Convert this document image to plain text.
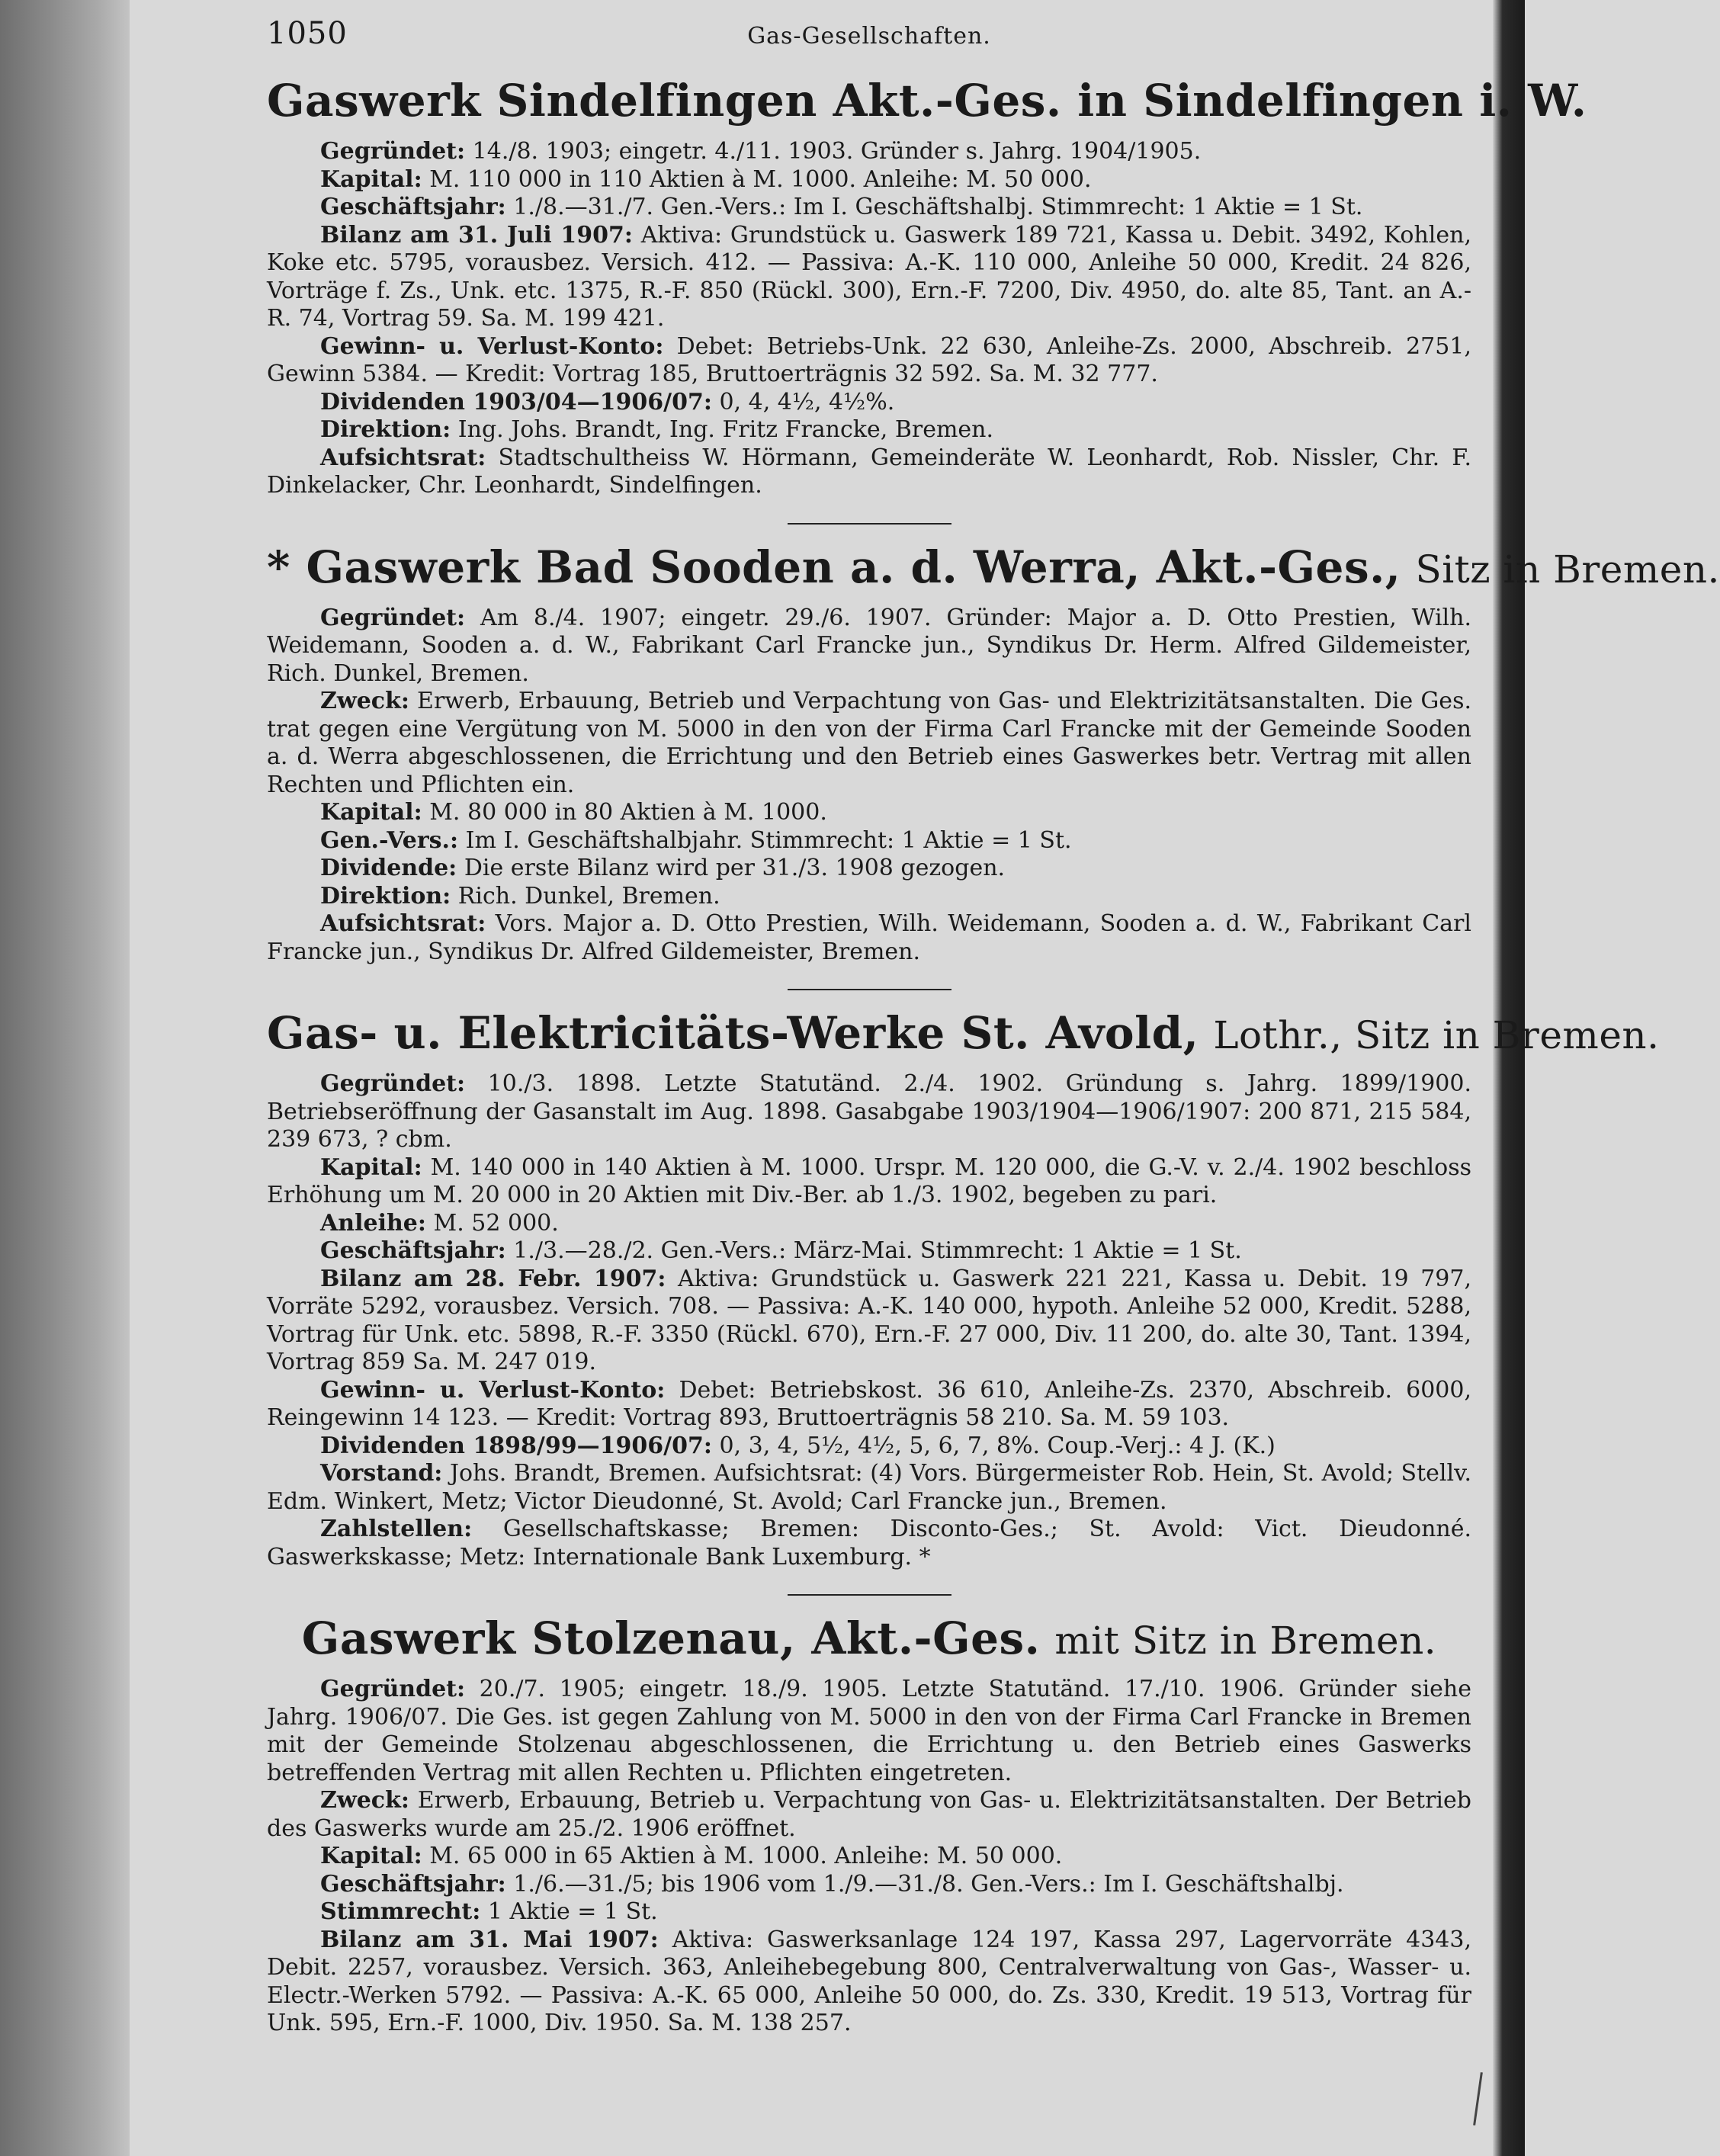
1050	Gas-Gesellschaften.
Gaswerk Sindelfingen Akt.-Ges. in Sindelfingen i. W.

Gegründet: 14./8. 1903; eingetr. 4./11. 1903. Gründer s. Jahrg. 1904/1905.

Kapital: M. 110 000 in 110 Aktien à M. 1000. Anleihe: M. 50 000.

Geschäftsjahr: 1./8.—31./7. Gen.-Vers.: Im I. Geschäftshalbj. Stimmrecht: 1 Aktie = 1 St.

Bilanz am 31. Juli 1907: Aktiva: Grundstück u. Gaswerk 189 721, Kassa u. Debit. 3492, Kohlen, Koke etc. 5795, vorausbez. Versich. 412. — Passiva: A.-K. 110 000, Anleihe 50 000, Kredit. 24 826, Vorträge f. Zs., Unk. etc. 1375, R.-F. 850 (Rückl. 300), Ern.-F. 7200, Div. 4950, do. alte 85, Tant. an A.-R. 74, Vortrag 59. Sa. M. 199 421.

Gewinn- u. Verlust-Konto: Debet: Betriebs-Unk. 22 630, Anleihe-Zs. 2000, Abschreib. 2751, Gewinn 5384. — Kredit: Vortrag 185, Bruttoerträgnis 32 592. Sa. M. 32 777.

Dividenden 1903/04—1906/07: 0, 4, 4½, 4½%.

Direktion: Ing. Johs. Brandt, Ing. Fritz Francke, Bremen.

Aufsichtsrat: Stadtschultheiss W. Hörmann, Gemeinderäte W. Leonhardt, Rob. Nissler, Chr. F. Dinkelacker, Chr. Leonhardt, Sindelfingen.

* Gaswerk Bad Sooden a. d. Werra, Akt.-Ges., Sitz in Bremen.

Gegründet: Am 8./4. 1907; eingetr. 29./6. 1907. Gründer: Major a. D. Otto Prestien, Wilh. Weidemann, Sooden a. d. W., Fabrikant Carl Francke jun., Syndikus Dr. Herm. Alfred Gildemeister, Rich. Dunkel, Bremen.

Zweck: Erwerb, Erbauung, Betrieb und Verpachtung von Gas- und Elektrizitätsanstalten. Die Ges. trat gegen eine Vergütung von M. 5000 in den von der Firma Carl Francke mit der Gemeinde Sooden a. d. Werra abgeschlossenen, die Errichtung und den Betrieb eines Gaswerkes betr. Vertrag mit allen Rechten und Pflichten ein.

Kapital: M. 80 000 in 80 Aktien à M. 1000.

Gen.-Vers.: Im I. Geschäftshalbjahr. Stimmrecht: 1 Aktie = 1 St.

Dividende: Die erste Bilanz wird per 31./3. 1908 gezogen.

Direktion: Rich. Dunkel, Bremen.

Aufsichtsrat: Vors. Major a. D. Otto Prestien, Wilh. Weidemann, Sooden a. d. W., Fabrikant Carl Francke jun., Syndikus Dr. Alfred Gildemeister, Bremen.

Gas- u. Elektricitäts-Werke St. Avold, Lothr., Sitz in Bremen.

Gegründet: 10./3. 1898. Letzte Statutänd. 2./4. 1902. Gründung s. Jahrg. 1899/1900. Betriebseröffnung der Gasanstalt im Aug. 1898. Gasabgabe 1903/1904—1906/1907: 200 871, 215 584, 239 673, ? cbm.

Kapital: M. 140 000 in 140 Aktien à M. 1000. Urspr. M. 120 000, die G.-V. v. 2./4. 1902 beschloss Erhöhung um M. 20 000 in 20 Aktien mit Div.-Ber. ab 1./3. 1902, begeben zu pari.

Anleihe: M. 52 000.

Geschäftsjahr: 1./3.—28./2. Gen.-Vers.: März-Mai. Stimmrecht: 1 Aktie = 1 St.

Bilanz am 28. Febr. 1907: Aktiva: Grundstück u. Gaswerk 221 221, Kassa u. Debit. 19 797, Vorräte 5292, vorausbez. Versich. 708. — Passiva: A.-K. 140 000, hypoth. Anleihe 52 000, Kredit. 5288, Vortrag für Unk. etc. 5898, R.-F. 3350 (Rückl. 670), Ern.-F. 27 000, Div. 11 200, do. alte 30, Tant. 1394, Vortrag 859 Sa. M. 247 019.

Gewinn- u. Verlust-Konto: Debet: Betriebskost. 36 610, Anleihe-Zs. 2370, Abschreib. 6000, Reingewinn 14 123. — Kredit: Vortrag 893, Bruttoerträgnis 58 210. Sa. M. 59 103.

Dividenden 1898/99—1906/07: 0, 3, 4, 5½, 4½, 5, 6, 7, 8%. Coup.-Verj.: 4 J. (K.)

Vorstand: Johs. Brandt, Bremen. Aufsichtsrat: (4) Vors. Bürgermeister Rob. Hein, St. Avold; Stellv. Edm. Winkert, Metz; Victor Dieudonné, St. Avold; Carl Francke jun., Bremen.

Zahlstellen: Gesellschaftskasse; Bremen: Disconto-Ges.; St. Avold: Vict. Dieudonné. Gaswerkskasse; Metz: Internationale Bank Luxemburg. *

Gaswerk Stolzenau, Akt.-Ges. mit Sitz in Bremen.

Gegründet: 20./7. 1905; eingetr. 18./9. 1905. Letzte Statutänd. 17./10. 1906. Gründer siehe Jahrg. 1906/07. Die Ges. ist gegen Zahlung von M. 5000 in den von der Firma Carl Francke in Bremen mit der Gemeinde Stolzenau abgeschlossenen, die Errichtung u. den Betrieb eines Gaswerks betreffenden Vertrag mit allen Rechten u. Pflichten eingetreten.

Zweck: Erwerb, Erbauung, Betrieb u. Verpachtung von Gas- u. Elektrizitätsanstalten. Der Betrieb des Gaswerks wurde am 25./2. 1906 eröffnet.

Kapital: M. 65 000 in 65 Aktien à M. 1000. Anleihe: M. 50 000.

Geschäftsjahr: 1./6.—31./5; bis 1906 vom 1./9.—31./8. Gen.-Vers.: Im I. Geschäftshalbj.

Stimmrecht: 1 Aktie = 1 St.

Bilanz am 31. Mai 1907: Aktiva: Gaswerksanlage 124 197, Kassa 297, Lagervorräte 4343, Debit. 2257, vorausbez. Versich. 363, Anleihebegebung 800, Centralverwaltung von Gas-, Wasser- u. Electr.-Werken 5792. — Passiva: A.-K. 65 000, Anleihe 50 000, do. Zs. 330, Kredit. 19 513, Vortrag für Unk. 595, Ern.-F. 1000, Div. 1950. Sa. M. 138 257.
